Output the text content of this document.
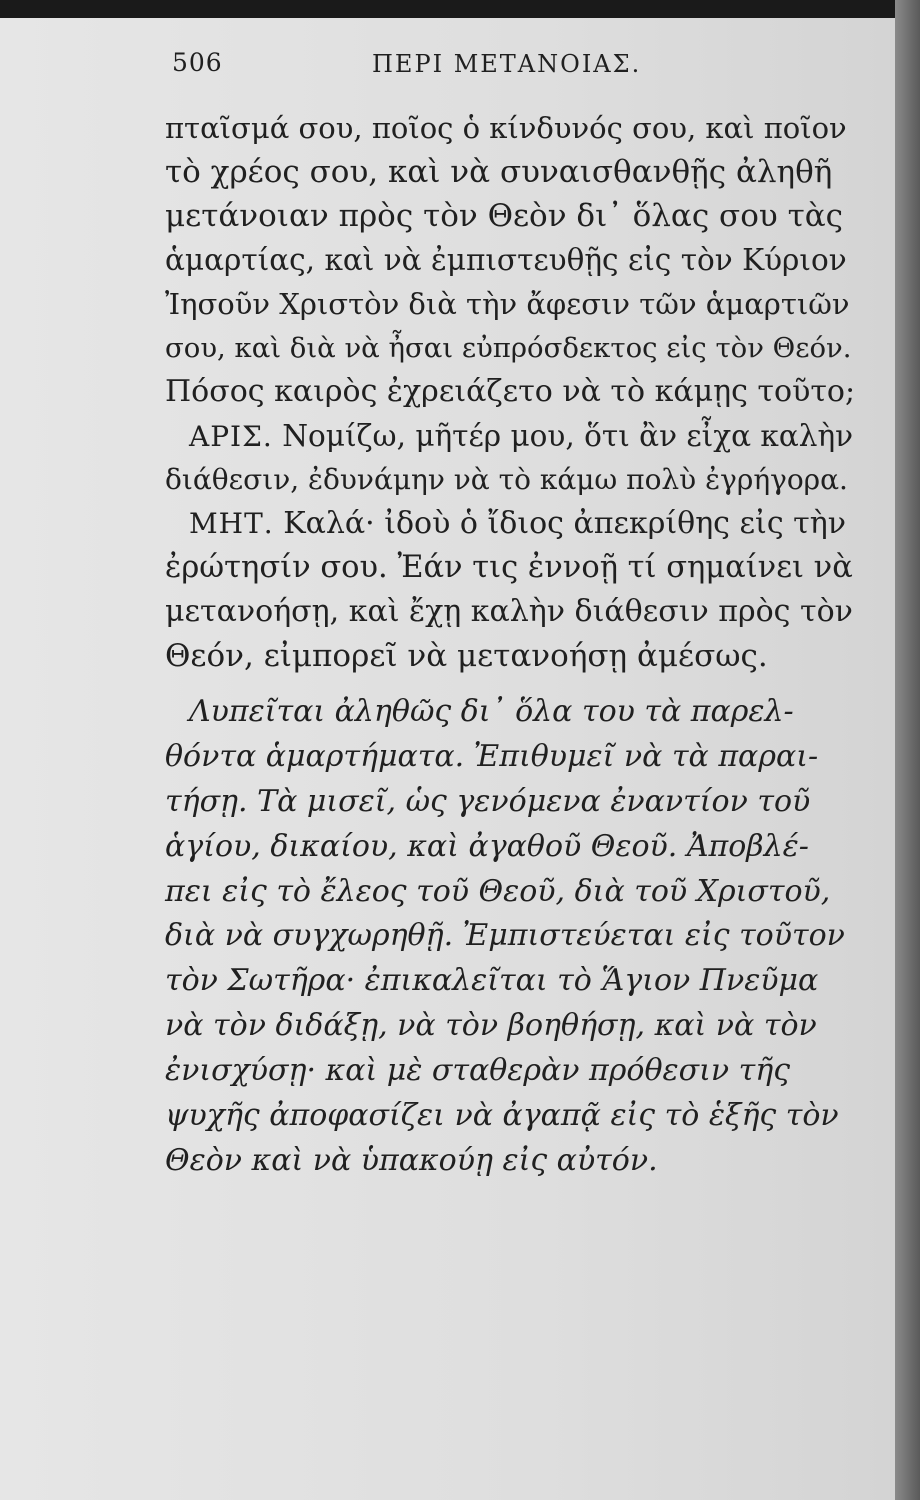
506	ΠΕΡΙ ΜΕΤΑΝΟΙΑΣ.
πταῖσμά σου, ποῖος ὁ κίνδυνός σου, καὶ ποῖον
τὸ χρέος σου, καὶ νὰ συναισθανθῇς ἀληθῆ
μετάνοιαν πρὸς τὸν Θεὸν δι᾽ ὅλας σου τὰς
ἁμαρτίας, καὶ νὰ ἐμπιστευθῇς εἰς τὸν Κύριον
Ἰησοῦν Χριστὸν διὰ τὴν ἄφεσιν τῶν ἁμαρτιῶν
σου, καὶ διὰ νὰ ἦσαι εὐπρόσδεκτος εἰς τὸν Θεόν.
Πόσος καιρὸς ἐχρειάζετο νὰ τὸ κάμῃς τοῦτο;
ΑΡΙΣ. Νομίζω, μῆτέρ μου, ὅτι ἂν εἶχα καλὴν
διάθεσιν, ἐδυνάμην νὰ τὸ κάμω πολὺ ἐγρήγορα.
ΜΗΤ. Καλά· ἰδοὺ ὁ ἴδιος ἀπεκρίθης εἰς τὴν
ἐρώτησίν σου. Ἐάν τις ἐννοῇ τί σημαίνει νὰ
μετανοήσῃ, καὶ ἔχῃ καλὴν διάθεσιν πρὸς τὸν
Θεόν, εἰμπορεῖ νὰ μετανοήσῃ ἀμέσως.
Λυπεῖται ἀληθῶς δι᾽ ὅλα του τὰ παρελ-
θόντα ἁμαρτήματα. Ἐπιθυμεῖ νὰ τὰ παραι-
τήσῃ. Τὰ μισεῖ, ὡς γενόμενα ἐναντίον τοῦ
ἁγίου, δικαίου, καὶ ἀγαθοῦ Θεοῦ. Ἀποβλέ-
πει εἰς τὸ ἔλεος τοῦ Θεοῦ, διὰ τοῦ Χριστοῦ,
διὰ νὰ συγχωρηθῇ. Ἐμπιστεύεται εἰς τοῦτον
τὸν Σωτῆρα· ἐπικαλεῖται τὸ Ἅγιον Πνεῦμα
νὰ τὸν διδάξῃ, νὰ τὸν βοηθήσῃ, καὶ νὰ τὸν
ἐνισχύσῃ· καὶ μὲ σταθερὰν πρόθεσιν τῆς
ψυχῆς ἀποφασίζει νὰ ἀγαπᾷ εἰς τὸ ἑξῆς τὸν
Θεὸν καὶ νὰ ὑπακούῃ εἰς αὐτόν.
